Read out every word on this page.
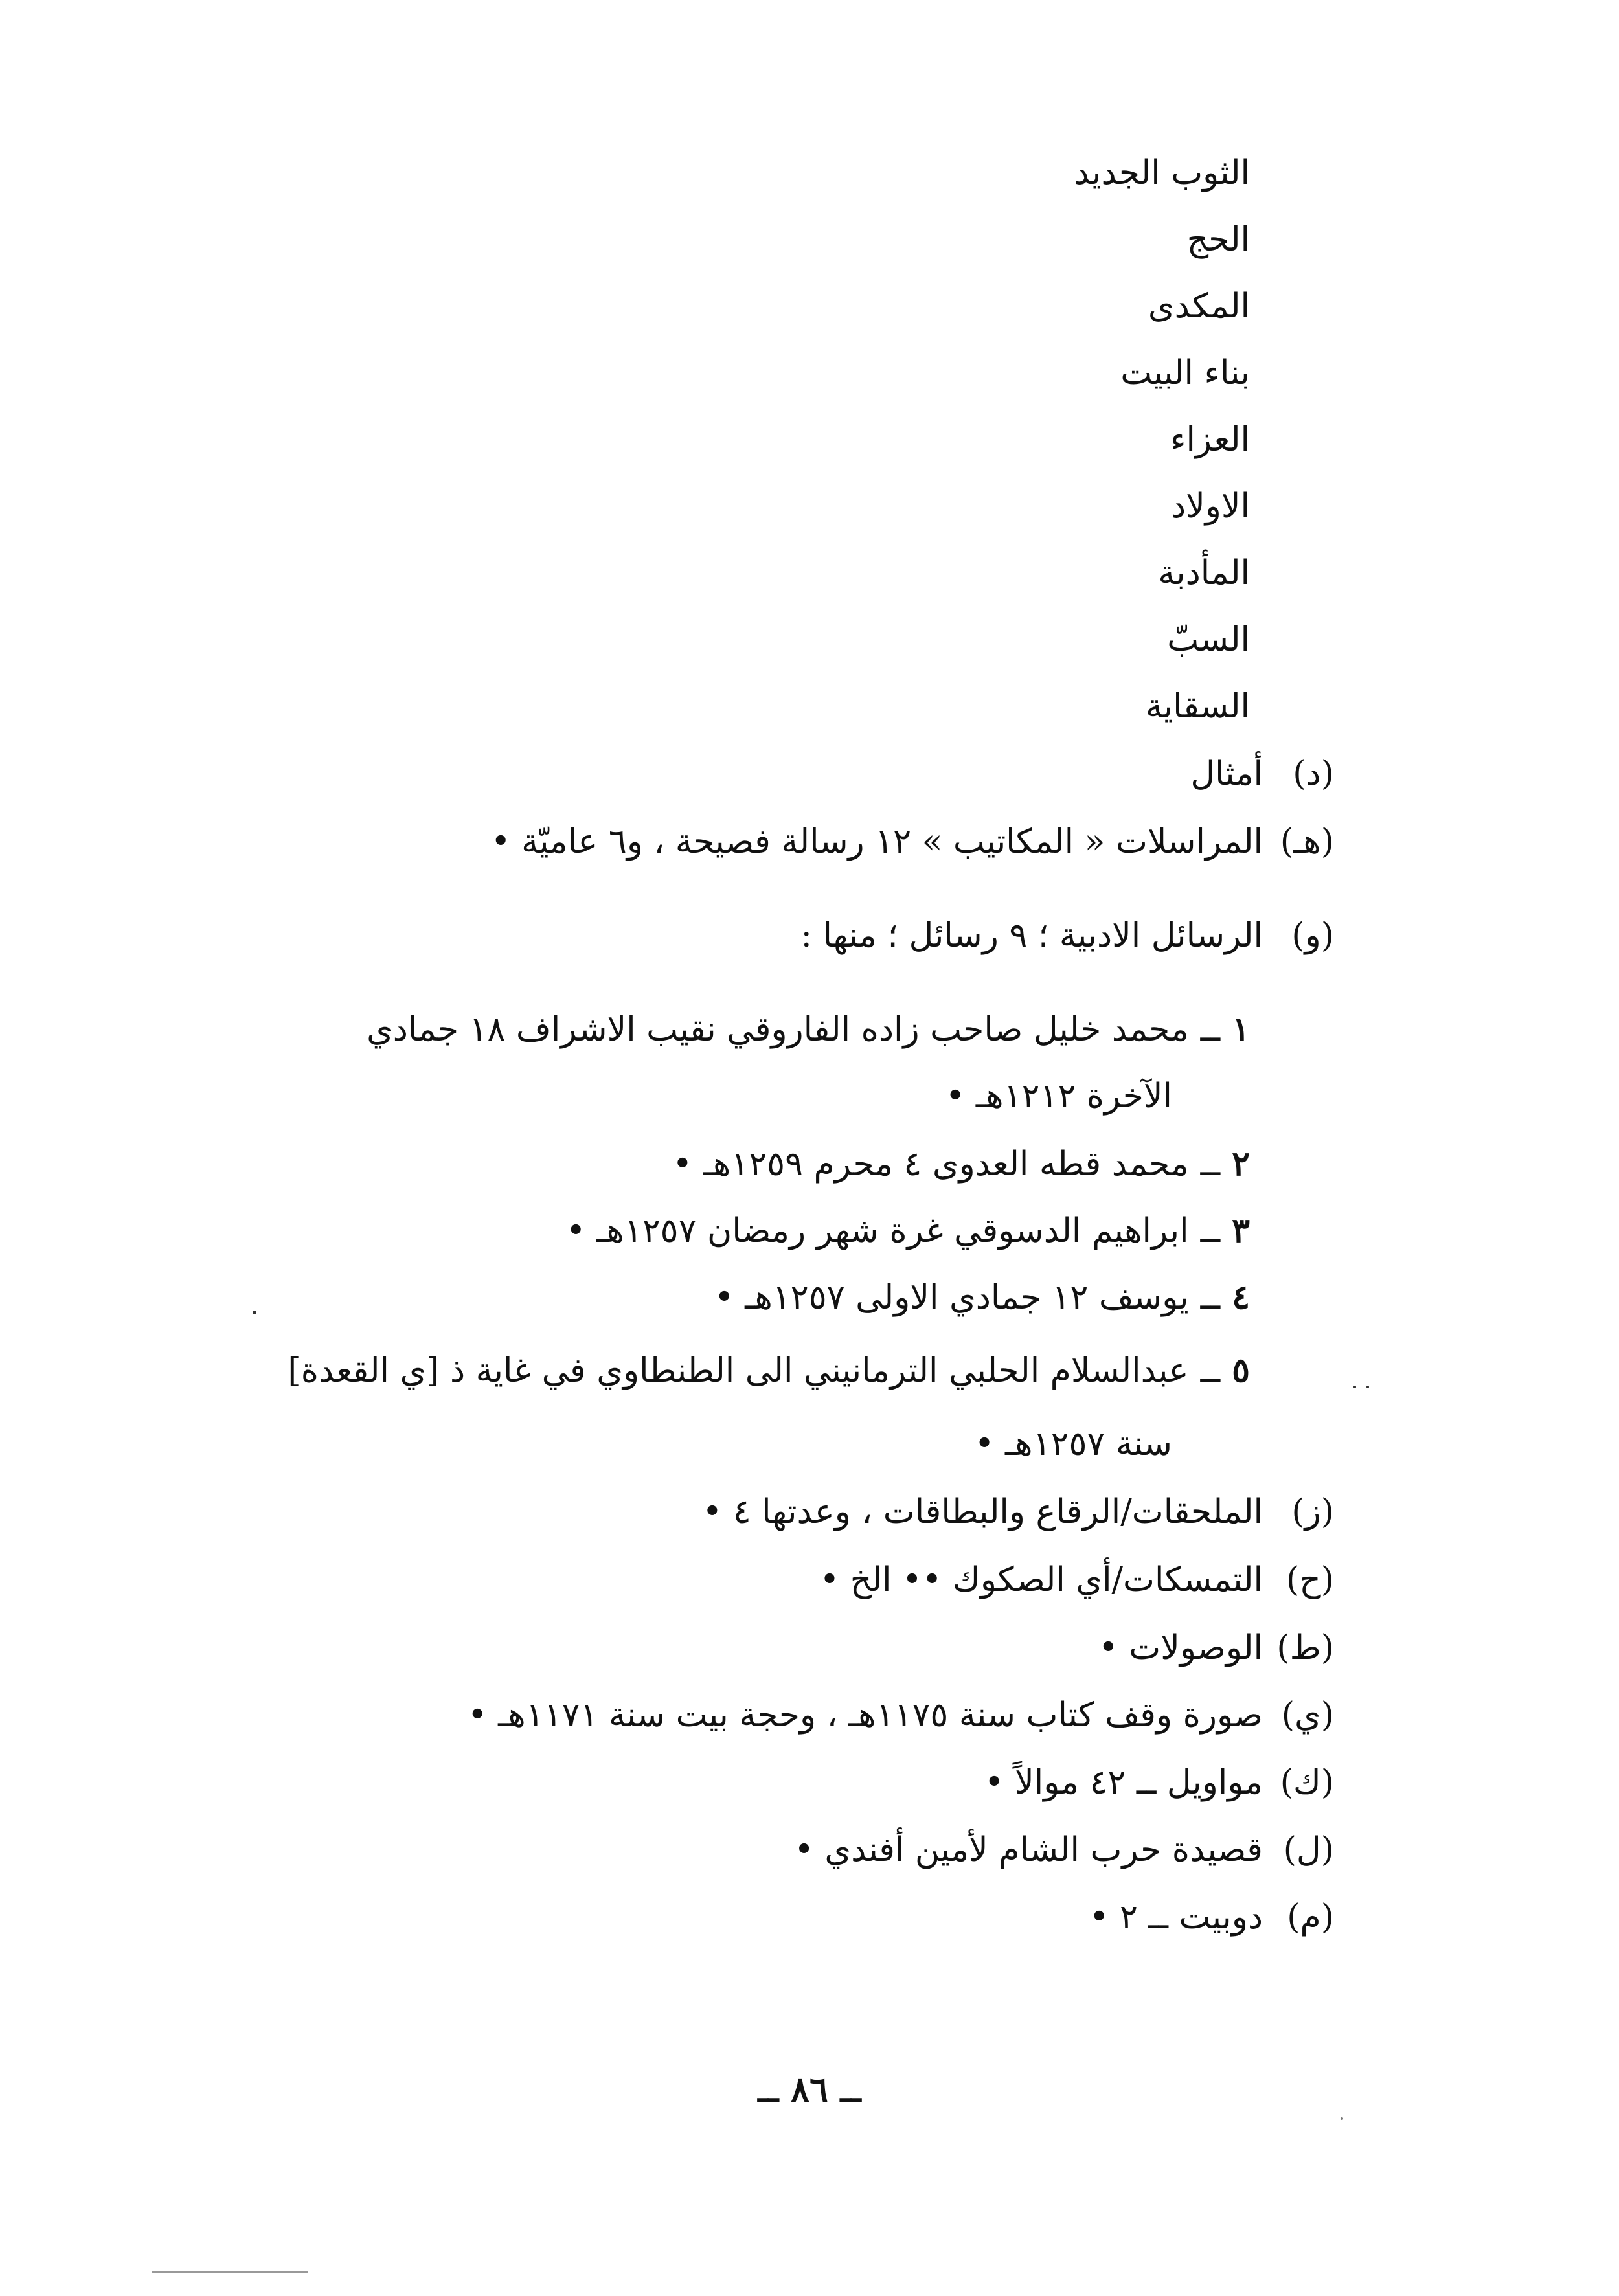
الثوب الجديد
الحج
المكدى
بناء البيت
العزاء
الاولاد
المأدبة
السبّ
السقاية
(د)
أمثال
(هـ)
المراسلات « المكاتيب » ١٢ رسالة فصيحة ، و٦ عاميّة •
(و)
الرسائل الادبية ؛ ٩ رسائل ؛ منها :
١
ــ
محمد خليل صاحب زاده الفاروقي نقيب الاشراف ١٨ جمادي
الآخرة ١٢١٢هـ •
٢
ــ
محمد قطه العدوى ٤ محرم ١٢٥٩هـ •
٣
ــ
ابراهيم الدسوقي غرة شهر رمضان ١٢٥٧هـ •
٤
ــ
يوسف ١٢ جمادي الاولى ١٢٥٧هـ •
٥
ــ
عبدالسلام الحلبي الترمانيني الى الطنطاوي في غاية ذ [ي القعدة]
سنة ١٢٥٧هـ •
(ز)
الملحقات/الرقاع والبطاقات ، وعدتها ٤ •
(ح)
التمسكات/أي الصكوك •• الخ •
(ط)
الوصولات •
(ي)
صورة وقف كتاب سنة ١١٧٥هـ ، وحجة بيت سنة ١١٧١هـ •
(ك)
مواويل ــ ٤٢ موالاً •
(ل)
قصيدة حرب الشام لأمين أفندي •
(م)
دوبيت ــ ٢ •
ــ ٨٦ ــ
